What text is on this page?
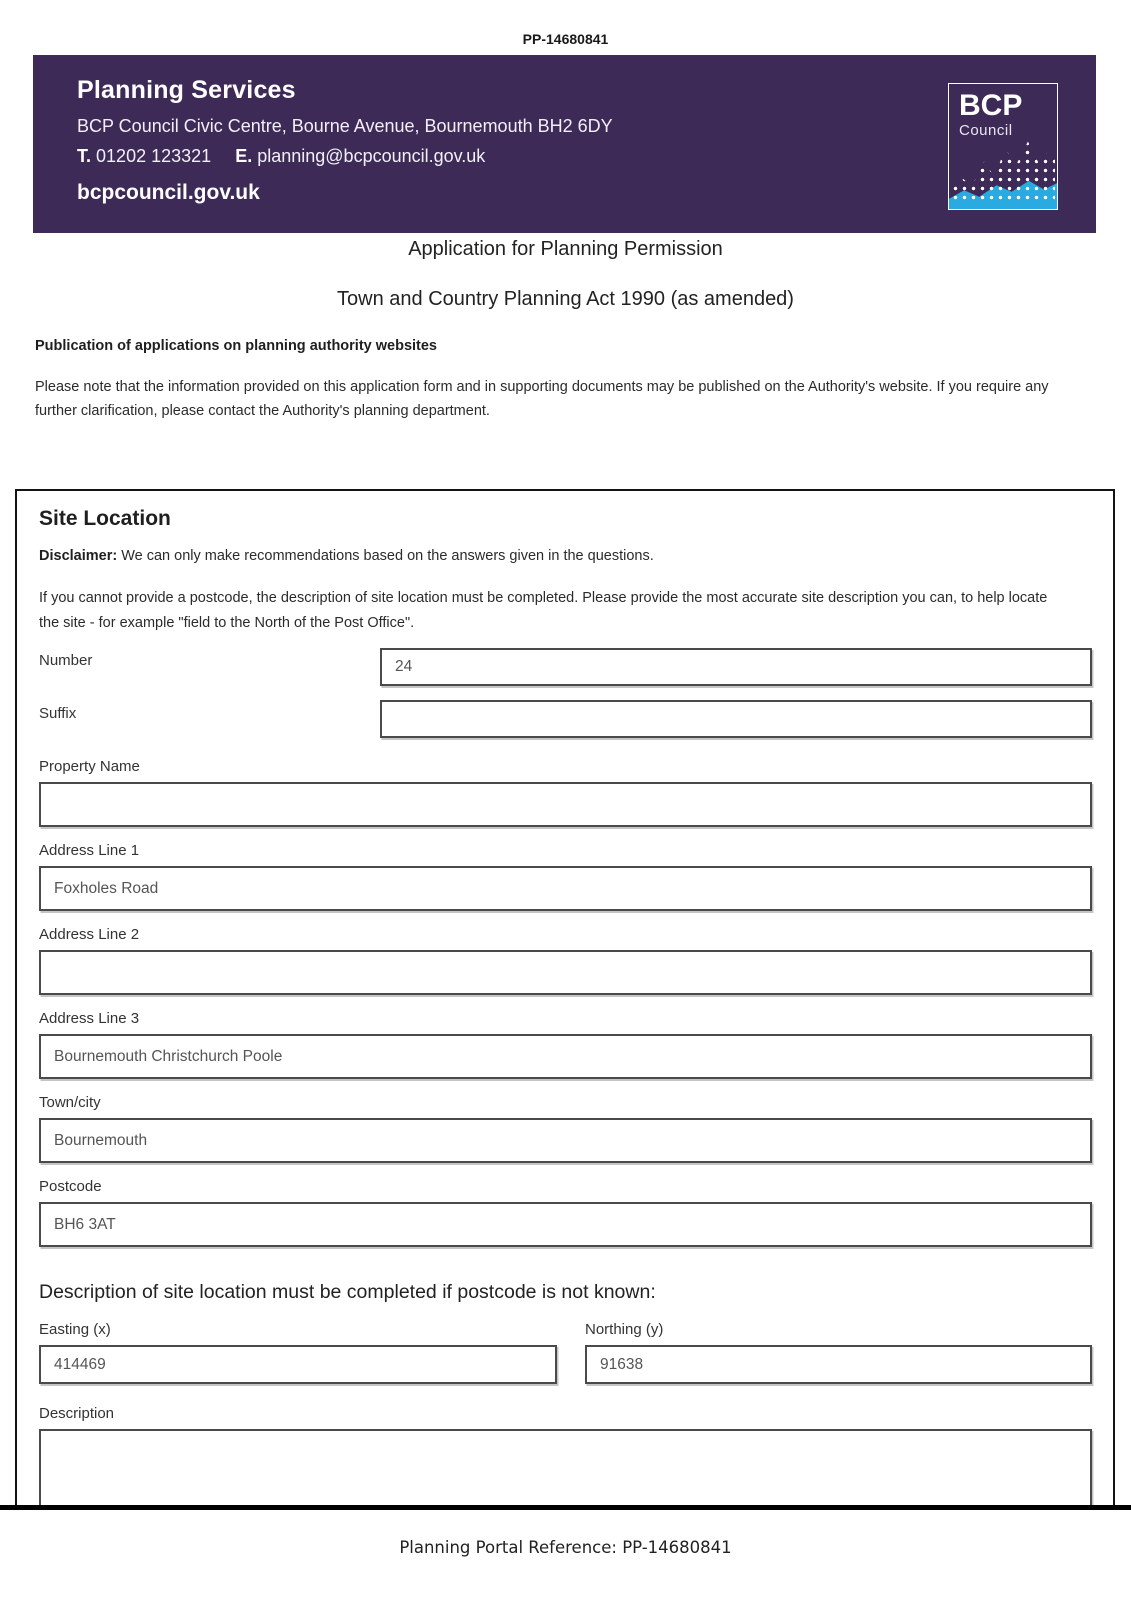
PP-14680841
Planning Services
BCP Council Civic Centre, Bourne Avenue, Bournemouth BH2 6DY
T. 01202 123321 E. planning@bcpcouncil.gov.uk
bcpcouncil.gov.uk
BCP
Council
Application for Planning Permission
Town and Country Planning Act 1990 (as amended)
Publication of applications on planning authority websites
Please note that the information provided on this application form and in supporting documents may be published on the Authority's website. If you require any further clarification, please contact the Authority's planning department.
Site Location
Disclaimer: We can only make recommendations based on the answers given in the questions.
If you cannot provide a postcode, the description of site location must be completed. Please provide the most accurate site description you can, to help locate the site - for example "field to the North of the Post Office".
Number
24
Suffix
Property Name
Address Line 1
Foxholes Road
Address Line 2
Address Line 3
Bournemouth Christchurch Poole
Town/city
Bournemouth
Postcode
BH6 3AT
Description of site location must be completed if postcode is not known:
Easting (x)	Northing (y)
414469
91638
Description
Planning Portal Reference: PP-14680841
